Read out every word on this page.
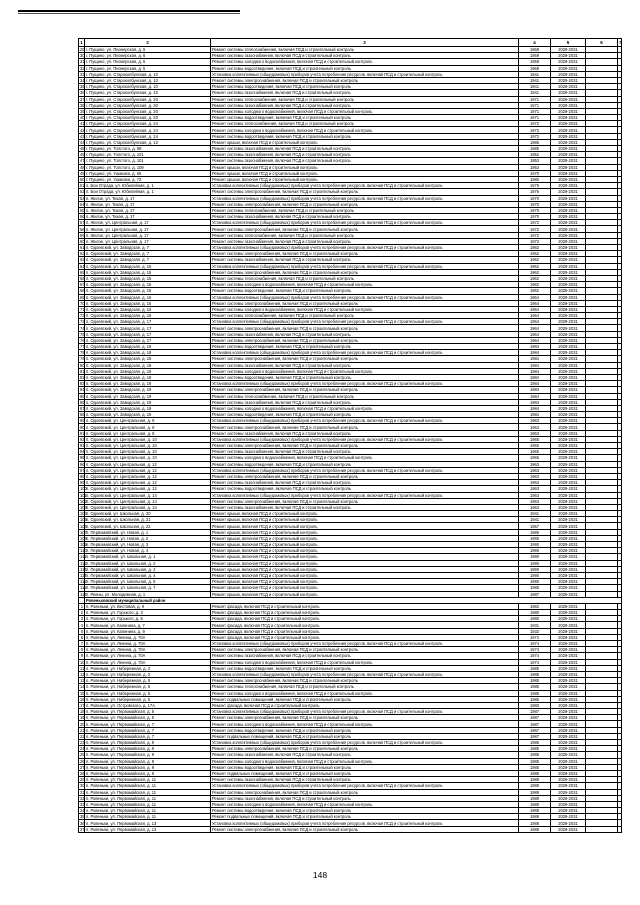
1	2	3	4	5	6	7
29	г. Пущино, ул. Пионерская, д. 5	Ремонт системы теплоснабжения, включая ПСД и строительный контроль	1968	2029-2031		
30	г. Пущино, ул. Пионерская, д. 6	Ремонт системы газоснабжения, включая ПСД и строительный контроль	1959	2029-2031		
31	г. Пущино, ул. Пионерская, д. 6	Ремонт системы холодного водоснабжения, включая ПСД и строительный контроль	1959	2029-2031		
32	г. Пущино, ул. Пионерская, д. 5	Ремонт системы водоотведения, включая ПСД и строительный контроль	1968	2029-2031		
33	г. Пущино, ул. Староколбунская, д. 10	Установка коллективных (общедомовых) приборов учета потребления ресурсов, включая ПСД и строительный контроль	1941	2029-2031		
34	г. Пущино, ул. Староколбунская, д. 10	Ремонт системы электроснабжения, включая ПСД и строительный контроль	1941	2029-2031		
35	г. Пущино, ул. Староколбунская, д. 10	Ремонт системы водоотведения, включая ПСД и строительный контроль	1941	2029-2031		
36	г. Пущино, ул. Староколбунская, д. 10	Ремонт системы газоснабжения, включая ПСД и строительный контроль	1941	2029-2031		
37	г. Пущино, ул. Староколбунская, д. 20	Ремонт системы теплоснабжения, включая ПСД и строительный контроль	1971	2029-2031		
38	г. Пущино, ул. Староколбунская, д. 20	Ремонт системы газоснабжения, включая ПСД и строительный контроль	1971	2029-2031		
39	г. Пущино, ул. Староколбунская, д. 20	Ремонт системы холодного водоснабжения, включая ПСД и строительный контроль	1971	2029-2031		
40	г. Пущино, ул. Староколбунская, д. 20	Ремонт системы водоотведения, включая ПСД и строительный контроль	1971	2029-2031		
41	г. Пущино, ул. Староколбунская, д. 24	Ремонт системы теплоснабжения, включая ПСД и строительный контроль	1972	2029-2031		
42	г. Пущино, ул. Староколбунская, д. 24	Ремонт системы холодного водоснабжения, включая ПСД и строительный контроль	1972	2029-2031		
43	г. Пущино, ул. Староколбунская, д. 24	Ремонт системы водоотведения, включая ПСД и строительный контроль	1972	2029-2031		
44	г. Пущино, ул. Староколбунская, д. 12	Ремонт крыши, включая ПСД и строительный контроль	1986	2029-2031		
45	г. Пущино, ул. Толстого, д. 98	Ремонт системы газоснабжения, включая ПСД и строительный контроль	1985	2029-2031		
46	г. Пущино, ул. Толстого, д. 101	Ремонт системы газоснабжения, включая ПСД и строительный контроль	1952	2029-2031		
47	г. Пущино, ул. Толстого, д. 101	Ремонт системы газоснабжения, включая ПСД и строительный контроль	1952	2029-2031		
48	г. Пущино, ул. Толстого, д. 109	Ремонт крыши, включая ПСД и строительный контроль	1953	2029-2031		
49	г. Пущино, ул. Ушакова, д. 66	Ремонт крыши, включая ПСД и строительный контроль	1970	2029-2031		
50	г. Пущино, ул. Ушакова, д. 72	Ремонт крыши, включая ПСД и строительный контроль	1980	2029-2031		
51	п. Бои Отрада, ул. Юбилейная, д. 1	Установка коллективных (общедомовых) приборов учета потребления ресурсов, включая ПСД и строительный контроль	1976	2029-2031		
52	п. Бои Отрада, ул. Юбилейная, д. 1	Ремонт системы электроснабжения, включая ПСД и строительный контроль	1976	2029-2031		
53	п. Жилзе, ул. Тихая, д. 17	Установка коллективных (общедомовых) приборов учета потребления ресурсов, включая ПСД и строительный контроль	1970	2029-2031		
54	п. Жилзе, ул. Тихая, д. 17	Ремонт системы электроснабжения, включая ПСД и строительный контроль	1970	2029-2031		
55	п. Жилзе, ул. Тихая, д. 17	Ремонт системы теплоснабжения, включая ПСД и строительный контроль	1970	2029-2031		
56	п. Жилзе, ул. Тихая, д. 17	Ремонт системы газоснабжения, включая ПСД и строительный контроль	1970	2029-2031		
57	п. Жилзе, ул. Центральная, д. 17	Установка коллективных (общедомовых) приборов учета потребления ресурсов, включая ПСД и строительный контроль	1972	2029-2031		
58	п. Жилзе, ул. Центральная, д. 17	Ремонт системы электроснабжения, включая ПСД и строительный контроль	1972	2029-2031		
59	п. Жилзе, ул. Центральная, д. 17	Ремонт системы теплоснабжения, включая ПСД и строительный контроль	1972	2029-2031		
60	п. Жилзе, ул. Центральная, д. 17	Ремонт системы газоснабжения, включая ПСД и строительный контроль	1972	2029-2031		
61	п. Одоевский, ул. Заводская, д. 7	Установка коллективных (общедомовых) приборов учета потребления ресурсов, включая ПСД и строительный контроль	1962	2029-2031		
62	п. Одоевский, ул. Заводская, д. 7	Ремонт системы электроснабжения, включая ПСД и строительный контроль	1962	2029-2031		
63	п. Одоевский, ул. Заводская, д. 7	Ремонт системы газоснабжения, включая ПСД и строительный контроль	1962	2029-2031		
64	п. Одоевский, ул. Заводская, д. 15	Установка коллективных (общедомовых) приборов учета потребления ресурсов, включая ПСД и строительный контроль	1962	2029-2031		
65	п. Одоевский, ул. Заводская, д. 15	Ремонт системы электроснабжения, включая ПСД и строительный контроль	1962	2029-2031		
66	п. Одоевский, ул. Заводская, д. 15	Ремонт системы теплоснабжения, включая ПСД и строительный контроль	1962	2029-2031		
67	п. Одоевский, ул. Заводская, д. 15	Ремонт системы холодного водоснабжения, включая ПСД и строительный контроль	1962	2029-2031		
68	п. Одоевский, ул. Заводская, д. 15	Ремонт системы водоотведения, включая ПСД и строительный контроль	1962	2029-2031		
69	п. Одоевский, ул. Заводская, д. 16	Установка коллективных (общедомовых) приборов учета потребления ресурсов, включая ПСД и строительный контроль	1964	2029-2031		
70	п. Одоевский, ул. Заводская, д. 16	Ремонт системы электроснабжения, включая ПСД и строительный контроль	1964	2029-2031		
71	п. Одоевский, ул. Заводская, д. 16	Ремонт системы холодного водоснабжения, включая ПСД и строительный контроль	1964	2029-2031		
72	п. Одоевский, ул. Заводская, д. 16	Ремонт системы теплоснабжения, включая ПСД и строительный контроль	1964	2029-2031		
73	п. Одоевский, ул. Заводская, д. 17	Установка коллективных (общедомовых) приборов учета потребления ресурсов, включая ПСД и строительный контроль	1964	2029-2031		
74	п. Одоевский, ул. Заводская, д. 17	Ремонт системы электроснабжения, включая ПСД и строительный контроль	1964	2029-2031		
75	п. Одоевский, ул. Заводская, д. 17	Ремонт системы газоснабжения, включая ПСД и строительный контроль	1964	2029-2031		
76	п. Одоевский, ул. Заводская, д. 17	Ремонт системы электроснабжения, включая ПСД и строительный контроль	1964	2029-2031		
77	п. Одоевский, ул. Заводская, д. 18	Ремонт системы водоотведения, включая ПСД и строительный контроль	1984	2029-2031		
78	п. Одоевский, ул. Заводская, д. 18	Установка коллективных (общедомовых) приборов учета потребления ресурсов, включая ПСД и строительный контроль	1984	2029-2031		
79	п. Одоевский, ул. Заводская, д. 18	Ремонт системы электроснабжения, включая ПСД и строительный контроль	1984	2029-2031		
80	п. Одоевский, ул. Заводская, д. 18	Ремонт системы газоснабжения, включая ПСД и строительный контроль	1984	2029-2031		
81	п. Одоевский, ул. Заводская, д. 18	Ремонт системы холодного водоснабжения, включая ПСД и строительный контроль	1984	2029-2031		
82	п. Одоевский, ул. Заводская, д. 18	Ремонт системы водоотведения, включая ПСД и строительный контроль	1984	2029-2031		
83	п. Одоевский, ул. Заводская, д. 19	Установка коллективных (общедомовых) приборов учета потребления ресурсов, включая ПСД и строительный контроль	1984	2029-2031		
84	п. Одоевский, ул. Заводская, д. 19	Ремонт системы электроснабжения, включая ПСД и строительный контроль	1984	2029-2031		
85	п. Одоевский, ул. Заводская, д. 19	Ремонт системы теплоснабжения, включая ПСД и строительный контроль	1984	2029-2031		
86	п. Одоевский, ул. Заводская, д. 19	Ремонт системы газоснабжения, включая ПСД и строительный контроль	1984	2029-2031		
87	п. Одоевский, ул. Заводская, д. 19	Ремонт системы холодного водоснабжения, включая ПСД и строительный контроль	1984	2029-2031		
88	п. Одоевский, ул. Заводская, д. 19	Ремонт системы водоотведения, включая ПСД и строительный контроль	1984	2029-2031		
89	п. Одоевский, ул. Центральная, д. 8	Установка коллективных (общедомовых) приборов учета потребления ресурсов, включая ПСД и строительный контроль	1963	2029-2031		
90	п. Одоевский, ул. Центральная, д. 8	Ремонт системы электроснабжения, включая ПСД и строительный контроль	1963	2029-2031		
91	п. Одоевский, ул. Центральная, д. 8	Ремонт системы газоснабжения, включая ПСД и строительный контроль	1963	2029-2031		
92	п. Одоевский, ул. Центральная, д. 10	Установка коллективных (общедомовых) приборов учета потребления ресурсов, включая ПСД и строительный контроль	1965	2029-2031		
93	п. Одоевский, ул. Центральная, д. 10	Ремонт системы электроснабжения, включая ПСД и строительный контроль	1965	2029-2031		
94	п. Одоевский, ул. Центральная, д. 10	Ремонт системы газоснабжения, включая ПСД и строительный контроль	1965	2029-2031		
95	п. Одоевский, ул. Центральная, д. 10	Ремонт системы холодного водоснабжения, включая ПСД и строительный контроль	1965	2029-2031		
96	п. Одоевский, ул. Центральная, д. 12	Ремонт системы водоотведения, включая ПСД и строительный контроль	1963	2029-2031		
97	п. Одоевский, ул. Центральная, д. 12	Установка коллективных (общедомовых) приборов учета потребления ресурсов, включая ПСД и строительный контроль	1963	2029-2031		
98	п. Одоевский, ул. Центральная, д. 12	Ремонт системы электроснабжения, включая ПСД и строительный контроль	1963	2029-2031		
99	п. Одоевский, ул. Центральная, д. 12	Ремонт системы газоснабжения, включая ПСД и строительный контроль	1963	2029-2031		
100	п. Одоевский, ул. Центральная, д. 12	Ремонт системы водоотведения, включая ПСД и строительный контроль	1963	2029-2031		
101	п. Одоевский, ул. Центральная, д. 14	Установка коллективных (общедомовых) приборов учета потребления ресурсов, включая ПСД и строительный контроль	1963	2029-2031		
102	п. Одоевский, ул. Центральная, д. 14	Ремонт системы электроснабжения, включая ПСД и строительный контроль	1963	2029-2031		
103	п. Одоевский, ул. Центральная, д. 14	Ремонт системы газоснабжения, включая ПСД и строительный контроль	1963	2029-2031		
104	п. Одоевский, ул. Школьная, д. 20	Ремонт крыши, включая ПСД и строительный контроль	1941	2029-2031		
105	п. Одоевский, ул. Школьная, д. 21	Ремонт крыши, включая ПСД и строительный контроль	1941	2029-2031		
106	п. Одоевский, ул. Школьная, д. 22	Ремонт крыши, включая ПСД и строительный контроль	1957	2029-2031		
107	п. Первомайский, ул. Новая, д. 1	Ремонт крыши, включая ПСД и строительный контроль	1986	2029-2031		
108	п. Первомайский, ул. Новая, д. 2	Ремонт крыши, включая ПСД и строительный контроль	1990	2029-2031		
109	п. Первомайский, ул. Новая, д. 3	Ремонт крыши, включая ПСД и строительный контроль	1990	2029-2031		
110	п. Первомайский, ул. Новая, д. 4	Ремонт крыши, включая ПСД и строительный контроль	1990	2029-2031		
111	п. Первомайский, ул. Школьная, д. 1	Ремонт крыши, включая ПСД и строительный контроль	1990	2029-2031		
112	п. Первомайский, ул. Школьная, д. 2	Ремонт крыши, включая ПСД и строительный контроль	1990	2029-2031		
113	п. Первомайский, ул. Школьная, д. 3	Ремонт крыши, включая ПСД и строительный контроль	1990	2029-2031		
114	п. Первомайский, ул. Школьная, д. 4	Ремонт крыши, включая ПСД и строительный контроль	1990	2029-2031		
115	п. Первомайский, ул. Школьная, д. 5	Ремонт крыши, включая ПСД и строительный контроль	1990	2029-2031		
116	п. Первомайский, ул. Школьная, д. 7	Ремонт крыши, включая ПСД и строительный контроль	1988	2029-2031		
117	п. Ревны, ул. Молодежная, д. 1	Ремонт крыши, включая ПСД и строительный контроль	1987	2029-2031		
	Ровеньковский муниципальный район					
1	п. Ровеньки, ул. Вестовая, д. 9	Ремонт фасада, включая ПСД и строительный контроль	1982	2029-2031		
2	п. Ровеньки, ул. Горького, д. 3	Ремонт фасада, включая ПСД и строительный контроль	1980	2029-2031		
3	п. Ровеньки, ул. Горького, д. 5	Ремонт фасада, включая ПСД и строительный контроль	1980	2029-2031		
4	п. Ровеньки, ул. Калинина, д. 7	Ремонт фасада, включая ПСД и строительный контроль	1931	2029-2031		
5	п. Ровеньки, ул. Калинина, д. 9	Ремонт фасада, включая ПСД и строительный контроль	1932	2029-2031		
6	п. Ровеньки, ул. Ленина, д. 70А	Ремонт фасада, включая ПСД и строительный контроль	1974	2029-2031		
7	п. Ровеньки, ул. Ленина, д. 70А	Установка коллективных (общедомовых) приборов учета потребления ресурсов, включая ПСД и строительный контроль	1974	2029-2031		
8	п. Ровеньки, ул. Ленина, д. 70А	Ремонт системы электроснабжения, включая ПСД и строительный контроль	1974	2029-2031		
9	п. Ровеньки, ул. Ленина, д. 70А	Ремонт системы газоснабжения, включая ПСД и строительный контроль	1974	2029-2031		
10	п. Ровеньки, ул. Ленина, д. 70А	Ремонт системы холодного водоснабжения, включая ПСД и строительный контроль	1974	2029-2031		
11	п. Ровеньки, ул. Набережная, д. 2	Ремонт системы водоотведения, включая ПСД и строительный контроль	1985	2029-2031		
12	п. Ровеньки, ул. Набережная, д. 2	Установка коллективных (общедомовых) приборов учета потребления ресурсов, включая ПСД и строительный контроль	1985	2029-2031		
13	п. Ровеньки, ул. Набережная, д. 5	Ремонт системы электроснабжения, включая ПСД и строительный контроль	1985	2029-2031		
14	п. Ровеньки, ул. Набережная, д. 5	Ремонт системы теплоснабжения, включая ПСД и строительный контроль	1985	2029-2031		
15	п. Ровеньки, ул. Набережная, д. 5	Ремонт системы холодного водоснабжения, включая ПСД и строительный контроль	1985	2029-2031		
16	п. Ровеньки, ул. Набережная, д. 5	Ремонт подвальных помещений, включая ПСД и строительный контроль	1985	2029-2031		
17	п. Ровеньки, ул. Островского, д. 17А	Ремонт фасада, включая ПСД и строительный контроль	1980	2029-2031		
18	п. Ровеньки, ул. Первомайская, д. 5	Установка коллективных (общедомовых) приборов учета потребления ресурсов, включая ПСД и строительный контроль	1987	2029-2031		
19	п. Ровеньки, ул. Первомайская, д. 5	Ремонт системы электроснабжения, включая ПСД и строительный контроль	1987	2029-2031		
20	п. Ровеньки, ул. Первомайская, д. 7	Ремонт системы холодного водоснабжения, включая ПСД и строительный контроль	1987	2029-2031		
21	п. Ровеньки, ул. Первомайская, д. 7	Ремонт системы водоотведения, включая ПСД и строительный контроль	1987	2029-2031		
22	п. Ровеньки, ул. Первомайская, д. 7	Ремонт подвальных помещений, включая ПСД и строительный контроль	1987	2029-2031		
23	п. Ровеньки, ул. Первомайская, д. 9	Установка коллективных (общедомовых) приборов учета потребления ресурсов, включая ПСД и строительный контроль	1985	2029-2031		
24	п. Ровеньки, ул. Первомайская, д. 9	Ремонт системы электроснабжения, включая ПСД и строительный контроль	1985	2029-2031		
25	п. Ровеньки, ул. Первомайская, д. 9	Ремонт системы газоснабжения, включая ПСД и строительный контроль	1985	2029-2031		
26	п. Ровеньки, ул. Первомайская, д. 9	Ремонт системы холодного водоснабжения, включая ПСД и строительный контроль	1985	2029-2031		
27	п. Ровеньки, ул. Первомайская, д. 9	Ремонт системы водоотведения, включая ПСД и строительный контроль	1985	2029-2031		
28	п. Ровеньки, ул. Первомайская, д. 9	Ремонт подвальных помещений, включая ПСД и строительный контроль	1985	2029-2031		
29	п. Ровеньки, ул. Первомайская, д. 11	Ремонт системы газоснабжения, включая ПСД и строительный контроль	1989	2029-2031		
30	п. Ровеньки, ул. Первомайская, д. 11	Установка коллективных (общедомовых) приборов учета потребления ресурсов, включая ПСД и строительный контроль	1989	2029-2031		
31	п. Ровеньки, ул. Первомайская, д. 11	Ремонт системы электроснабжения, включая ПСД и строительный контроль	1989	2029-2031		
32	п. Ровеньки, ул. Первомайская, д. 11	Ремонт системы газоснабжения, включая ПСД и строительный контроль	1989	2029-2031		
33	п. Ровеньки, ул. Первомайская, д. 11	Ремонт системы холодного водоснабжения, включая ПСД и строительный контроль	1989	2029-2031		
34	п. Ровеньки, ул. Первомайская, д. 11	Ремонт системы водоотведения, включая ПСД и строительный контроль	1989	2029-2031		
35	п. Ровеньки, ул. Первомайская, д. 11	Ремонт подвальных помещений, включая ПСД и строительный контроль	1989	2029-2031		
36	п. Ровеньки, ул. Первомайская, д. 13	Установка коллективных (общедомовых) приборов учета потребления ресурсов, включая ПСД и строительный контроль	1988	2029-2031		
37	п. Ровеньки, ул. Первомайская, д. 13	Ремонт системы электроснабжения, включая ПСД и строительный контроль	1988	2029-2031		
148
